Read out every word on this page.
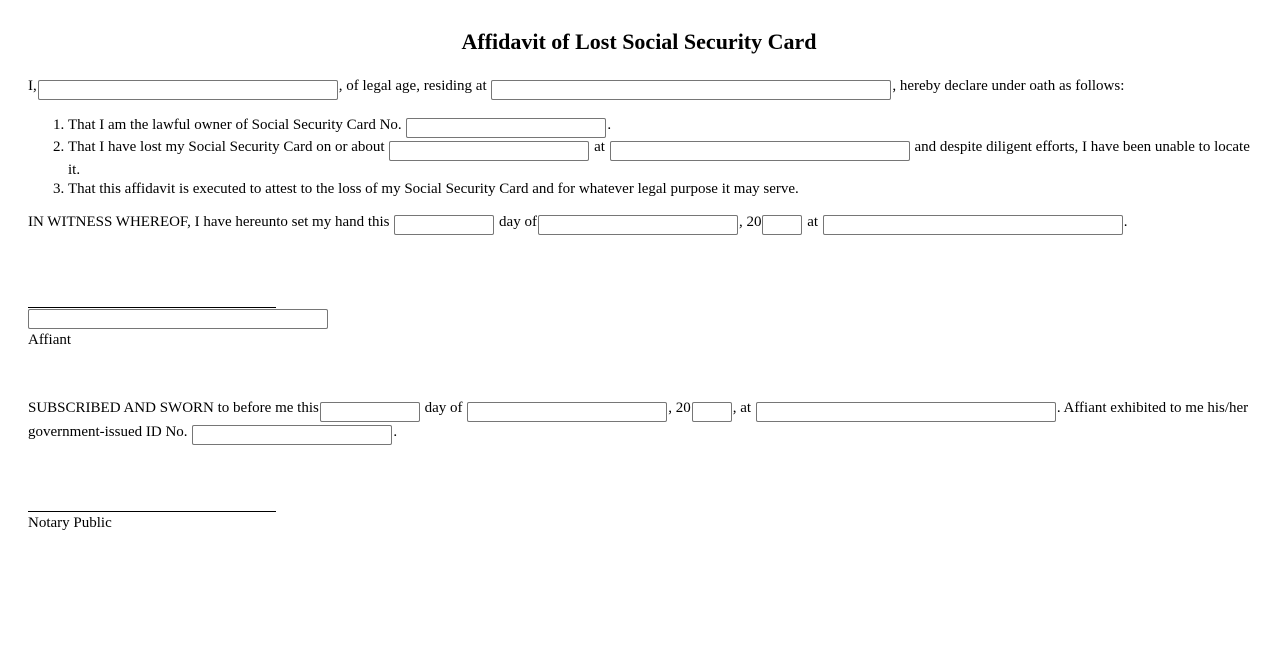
Affidavit of Lost Social Security Card
I,	, of legal age, residing at	, hereby declare under oath as follows:
1. That I am the lawful owner of Social Security Card No.	.
2. That I have lost my Social Security Card on or about	at	and despite diligent efforts, I have been unable to locate it.
3. That this affidavit is executed to attest to the loss of my Social Security Card and for whatever legal purpose it may serve.
IN WITNESS WHEREOF, I have hereunto set my hand this	day of	, 20	at	.
Affiant
SUBSCRIBED AND SWORN to before me this	day of	, 20	, at	. Affiant exhibited to me his/her government-issued ID No.	.
Notary Public
